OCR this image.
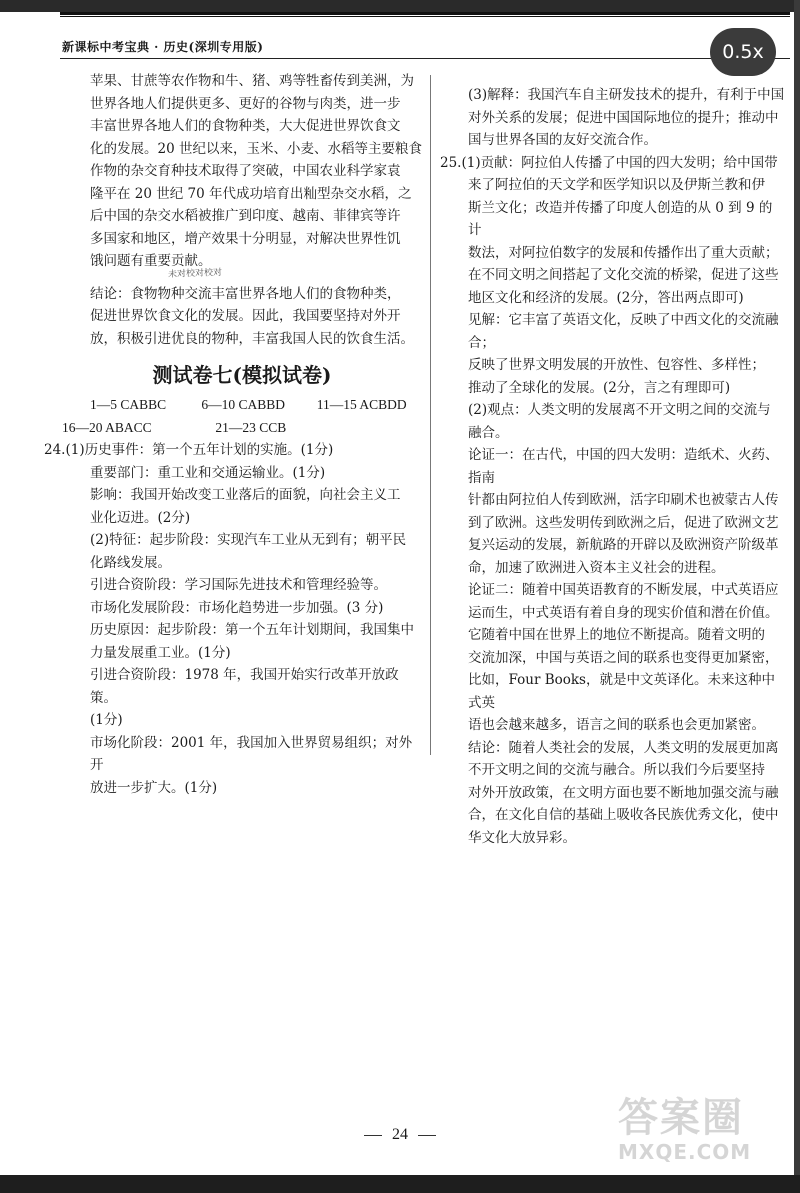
新课标中考宝典 · 历史(深圳专用版)	0.5x

苹果、甘蔗等农作物和牛、猪、鸡等牲畜传到美洲，为

世界各地人们提供更多、更好的谷物与肉类，进一步

丰富世界各地人们的食物种类，大大促进世界饮食文

化的发展。20 世纪以来，玉米、小麦、水稻等主要粮食

作物的杂交育种技术取得了突破，中国农业科学家袁

隆平在 20 世纪 70 年代成功培育出籼型杂交水稻，之

后中国的杂交水稻被推广到印度、越南、菲律宾等许

多国家和地区，增产效果十分明显，对解决世界性饥

饿问题有重要贡献。

结论：食物物种交流丰富世界各地人们的食物种类，

促进世界饮食文化的发展。因此，我国要坚持对外开

放，积极引进优良的物种，丰富我国人民的饮食生活。

测试卷七(模拟试卷)

1—5 CABBC	6—10 CABBD 11—15 ACBDD

16—20 ABACC	21—23 CCB

24.(1)历史事件：第一个五年计划的实施。(1分)

重要部门：重工业和交通运输业。(1分)

影响：我国开始改变工业落后的面貌，向社会主义工

业化迈进。(2分)

(2)特征：起步阶段：实现汽车工业从无到有；朝平民

化路线发展。

引进合资阶段：学习国际先进技术和管理经验等。

市场化发展阶段：市场化趋势进一步加强。(3 分)

历史原因：起步阶段：第一个五年计划期间，我国集中

力量发展重工业。(1分)

引进合资阶段：1978 年，我国开始实行改革开放政策。

(1分)

市场化阶段：2001 年，我国加入世界贸易组织；对外开

放进一步扩大。(1分)

未对校对校对

(3)解释：我国汽车自主研发技术的提升，有利于中国

对外关系的发展；促进中国国际地位的提升；推动中

国与世界各国的友好交流合作。

25.(1)贡献：阿拉伯人传播了中国的四大发明；给中国带

来了阿拉伯的天文学和医学知识以及伊斯兰教和伊

斯兰文化；改造并传播了印度人创造的从 0 到 9 的计

数法，对阿拉伯数字的发展和传播作出了重大贡献；

在不同文明之间搭起了文化交流的桥梁，促进了这些

地区文化和经济的发展。(2分，答出两点即可)

见解：它丰富了英语文化，反映了中西文化的交流融合；

反映了世界文明发展的开放性、包容性、多样性；

推动了全球化的发展。(2分，言之有理即可)

(2)观点：人类文明的发展离不开文明之间的交流与

融合。

论证一：在古代，中国的四大发明：造纸术、火药、指南

针都由阿拉伯人传到欧洲，活字印刷术也被蒙古人传

到了欧洲。这些发明传到欧洲之后，促进了欧洲文艺

复兴运动的发展，新航路的开辟以及欧洲资产阶级革

命，加速了欧洲进入资本主义社会的进程。

论证二：随着中国英语教育的不断发展，中式英语应

运而生，中式英语有着自身的现实价值和潜在价值。

它随着中国在世界上的地位不断提高。随着文明的

交流加深，中国与英语之间的联系也变得更加紧密，

比如，Four Books，就是中文英译化。未来这种中式英

语也会越来越多，语言之间的联系也会更加紧密。

结论：随着人类社会的发展，人类文明的发展更加离

不开文明之间的交流与融合。所以我们今后要坚持

对外开放政策，在文明方面也要不断地加强交流与融

合，在文化自信的基础上吸收各民族优秀文化，使中

华文化大放异彩。

24	答案圈
MXQE.COM
